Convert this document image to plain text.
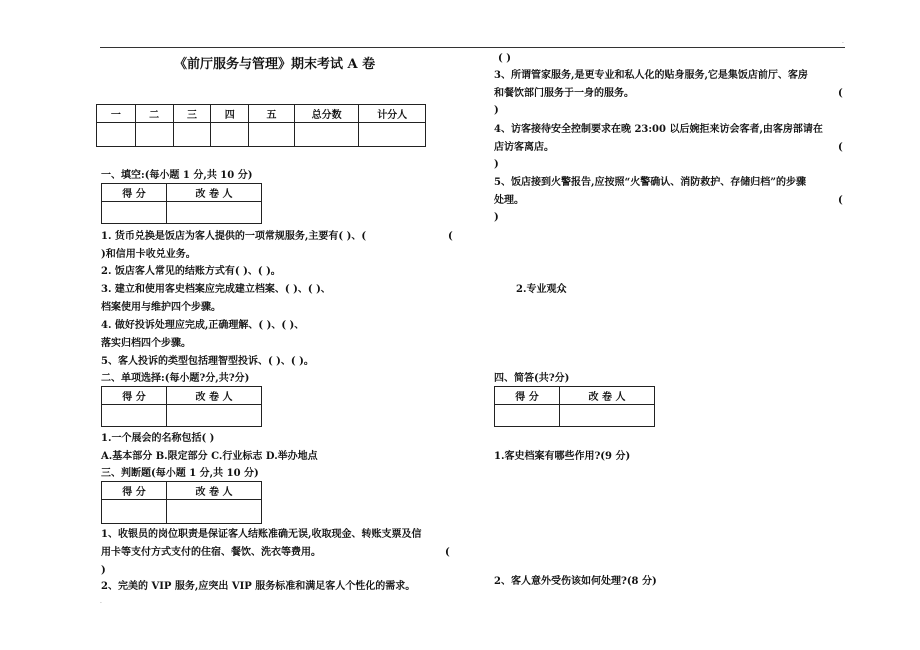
·
·
《前厅服务与管理》期末考试 A 卷
一	二	三	四	五	总分数	计分人

一、填空:(每小题 1 分,共 10 分)
得 分	改 卷 人

1. 货币兑换是饭店为客人提供的一项常规服务,主要有( )、(	(
)和信用卡收兑业务。
2. 饭店客人常见的结账方式有( )、( )。
3. 建立和使用客史档案应完成建立档案、( )、( )、
档案使用与维护四个步骤。
4. 做好投诉处理应完成,正确理解、( )、( )、
落实归档四个步骤。
5、客人投诉的类型包括理智型投诉、( )、( )。
二、单项选择:(每小题?分,共?分)
得 分	改 卷 人

1.一个展会的名称包括( )
A.基本部分 B.限定部分 C.行业标志 D.举办地点
三、判断题(每小题 1 分,共 10 分)
得 分	改 卷 人

1、收银员的岗位职责是保证客人结账准确无误,收取现金、转账支票及信
用卡等支付方式支付的住宿、餐饮、洗衣等费用。	(
)
2、完美的 VIP 服务,应突出 VIP 服务标准和满足客人个性化的需求。
( )
3、所谓管家服务,是更专业和私人化的贴身服务,它是集饭店前厅、客房
和餐饮部门服务于一身的服务。	(
)
4、访客接待安全控制要求在晚 23:00 以后婉拒来访会客者,由客房部请在
店访客离店。	(
)
5、饭店接到火警报告,应按照“火警确认、消防救护、存储归档”的步骤
处理。	(
)
2.专业观众
四、简答(共?分)
得 分	改 卷 人

1.客史档案有哪些作用?(9 分)
2、客人意外受伤该如何处理?(8 分)
